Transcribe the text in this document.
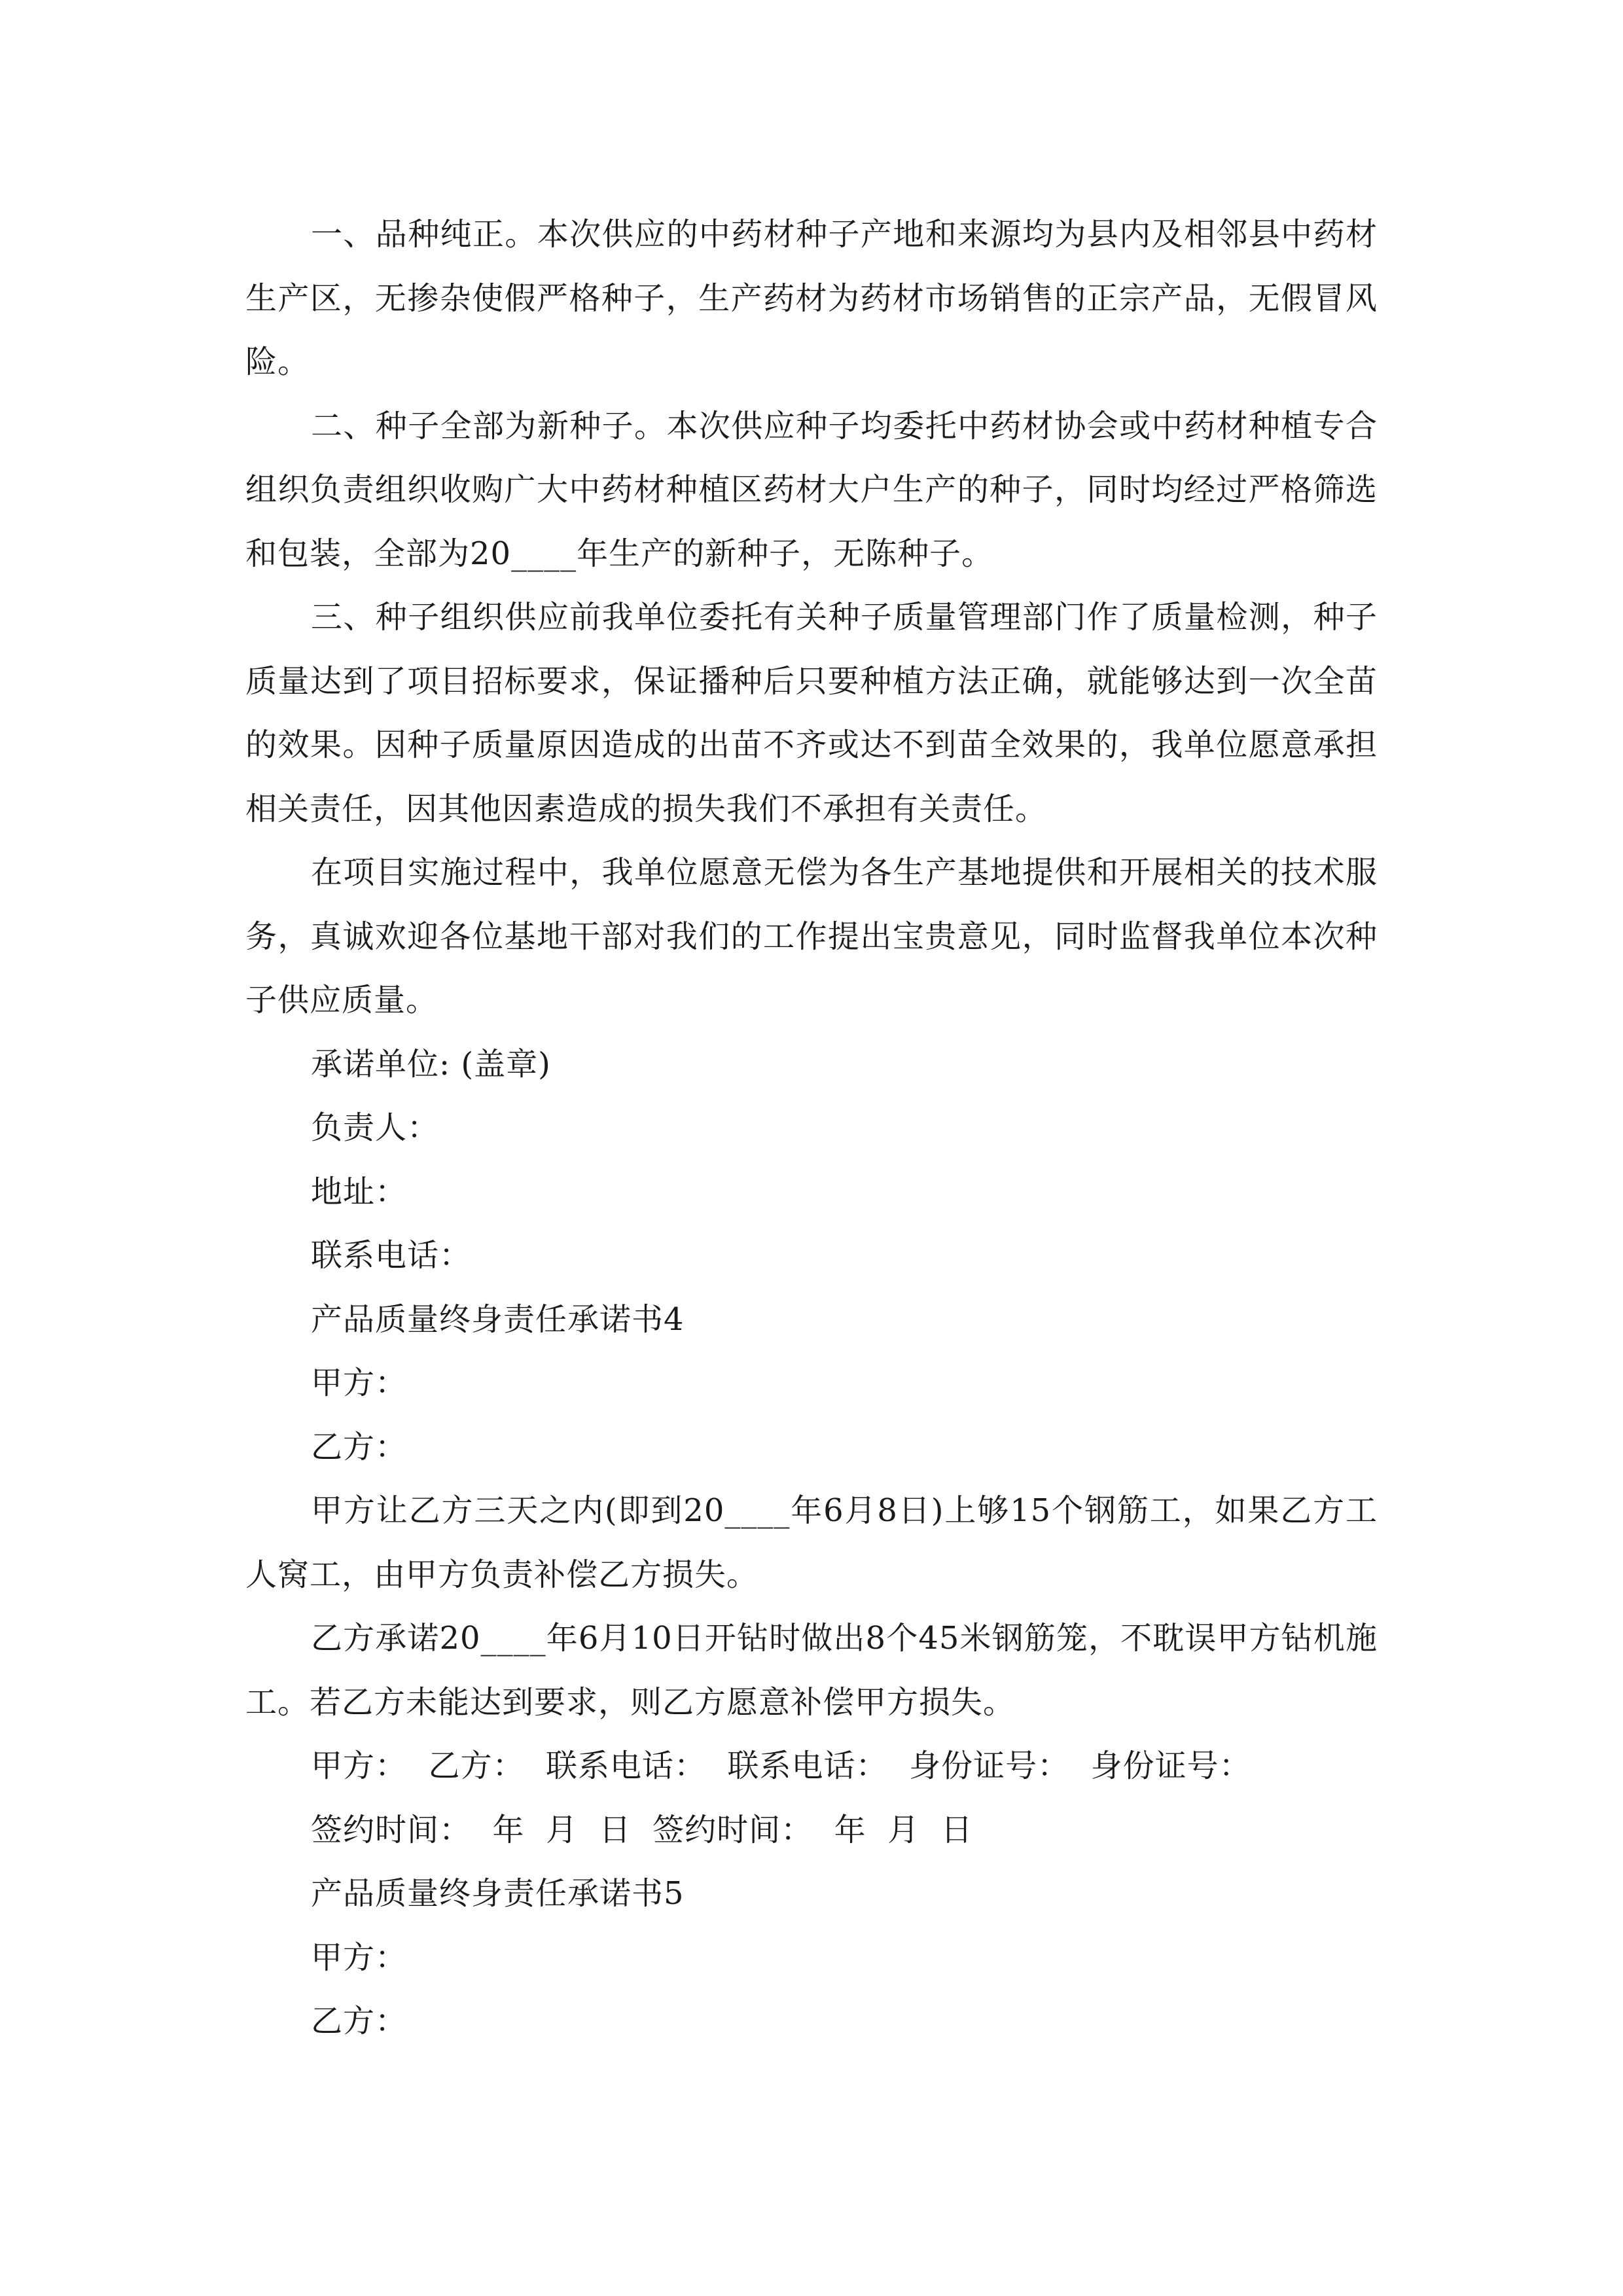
一、品种纯正。本次供应的中药材种子产地和来源均为县内及相邻县中药材生产区，无掺杂使假严格种子，生产药材为药材市场销售的正宗产品，无假冒风险。

二、种子全部为新种子。本次供应种子均委托中药材协会或中药材种植专合组织负责组织收购广大中药材种植区药材大户生产的种子，同时均经过严格筛选和包装，全部为20____年生产的新种子，无陈种子。

三、种子组织供应前我单位委托有关种子质量管理部门作了质量检测，种子质量达到了项目招标要求，保证播种后只要种植方法正确，就能够达到一次全苗的效果。因种子质量原因造成的出苗不齐或达不到苗全效果的，我单位愿意承担相关责任，因其他因素造成的损失我们不承担有关责任。

在项目实施过程中，我单位愿意无偿为各生产基地提供和开展相关的技术服务，真诚欢迎各位基地干部对我们的工作提出宝贵意见，同时监督我单位本次种子供应质量。

承诺单位: (盖章)

负责人：

地址：

联系电话：

产品质量终身责任承诺书4

甲方：

乙方：

甲方让乙方三天之内(即到20____年6月8日)上够15个钢筋工，如果乙方工人窝工，由甲方负责补偿乙方损失。

乙方承诺20____年6月10日开钻时做出8个45米钢筋笼，不耽误甲方钻机施工。若乙方未能达到要求，则乙方愿意补偿甲方损失。

甲方：  乙方：  联系电话：  联系电话：  身份证号：  身份证号：

签约时间：  年  月  日  签约时间：  年  月  日

产品质量终身责任承诺书5

甲方：

乙方：
